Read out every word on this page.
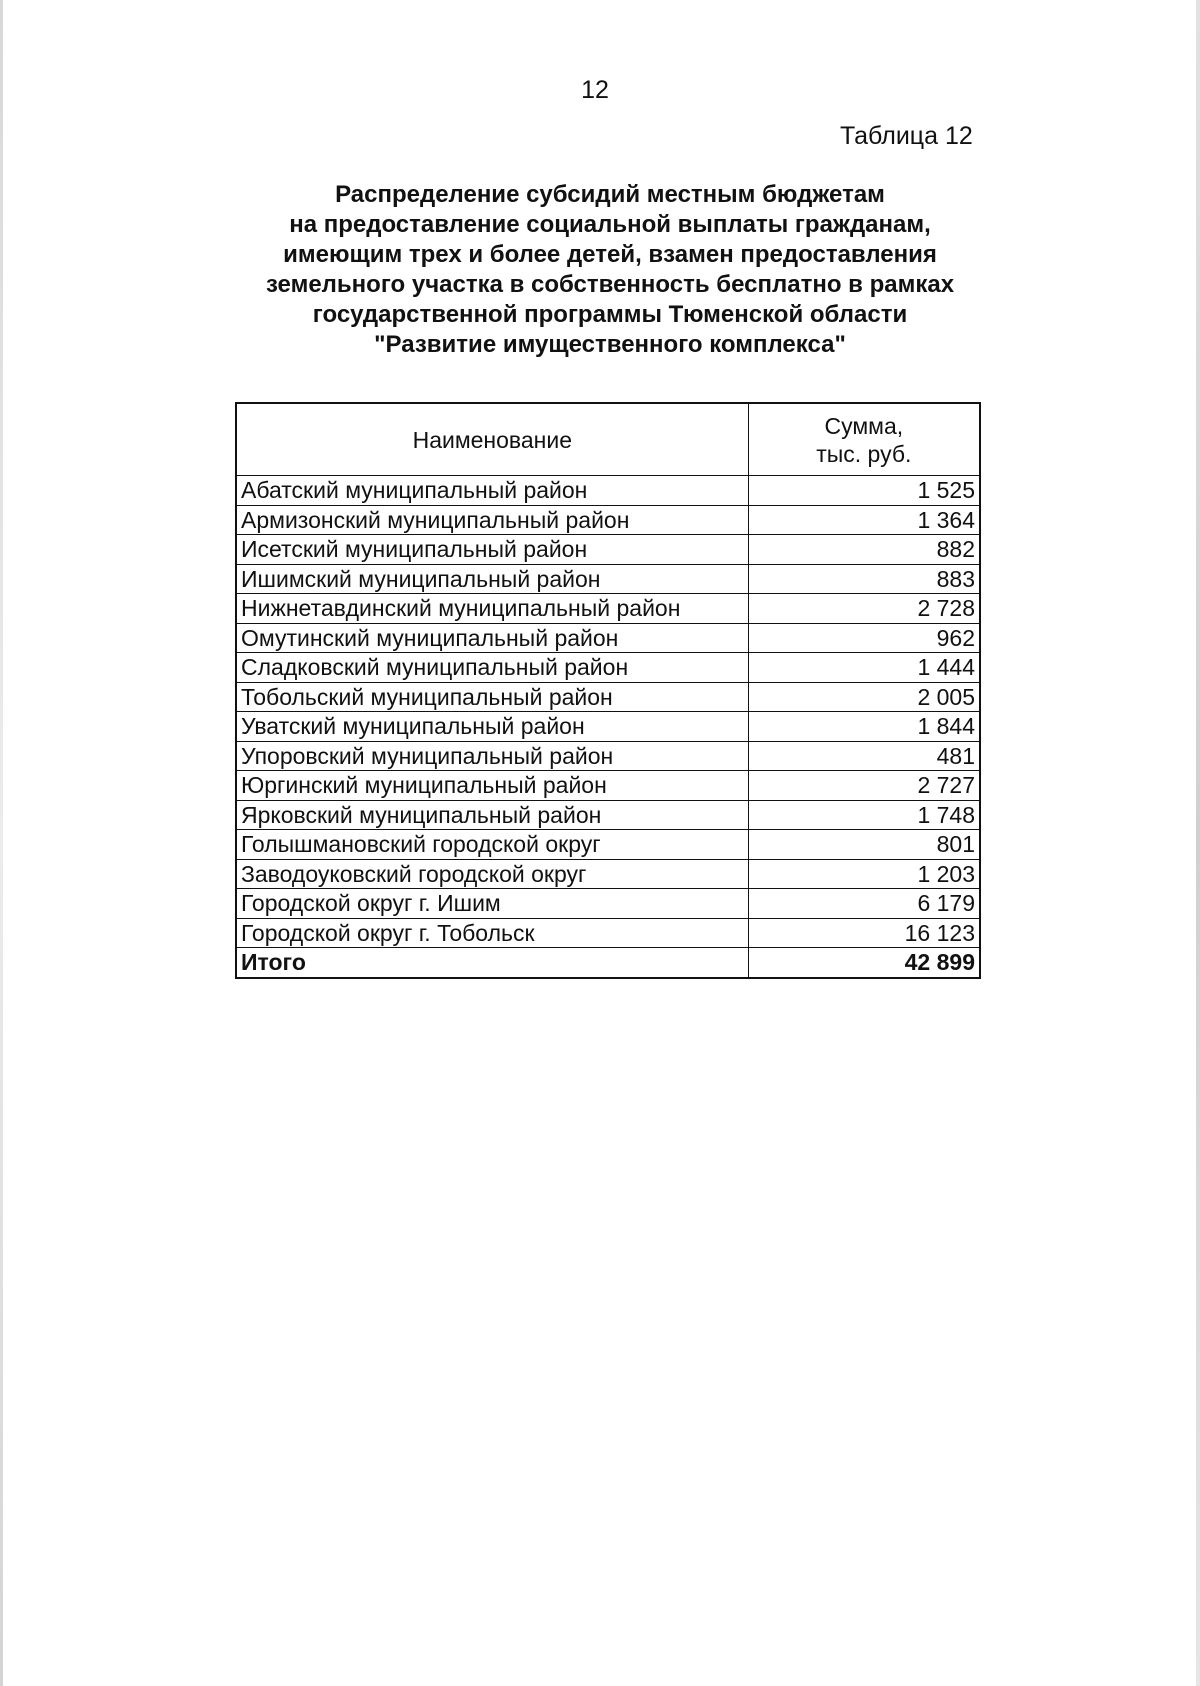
12
Таблица 12
Распределение субсидий местным бюджетам
на предоставление социальной выплаты гражданам,
имеющим трех и более детей, взамен предоставления
земельного участка в собственность бесплатно в рамках
государственной программы Тюменской области
"Развитие имущественного комплекса"
Наименование	Сумма,
тыс. руб.

Абатский муниципальный район	1 525
Армизонский муниципальный район	1 364
Исетский муниципальный район	882
Ишимский муниципальный район	883
Нижнетавдинский муниципальный район	2 728
Омутинский муниципальный район	962
Сладковский муниципальный район	1 444
Тобольский муниципальный район	2 005
Уватский муниципальный район	1 844
Упоровский муниципальный район	481
Юргинский муниципальный район	2 727
Ярковский муниципальный район	1 748
Голышмановский городской округ	801
Заводоуковский городской округ	1 203
Городской округ г. Ишим	6 179
Городской округ г. Тобольск	16 123
Итого	42 899
